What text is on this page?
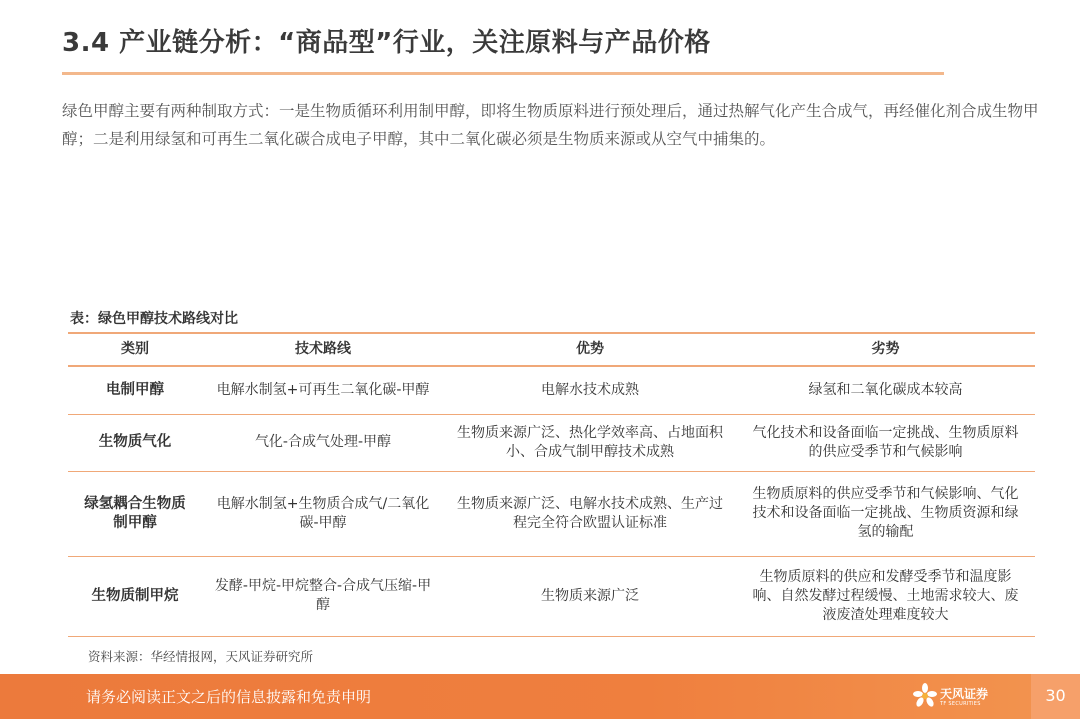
3.4 产业链分析：“商品型”行业，关注原料与产品价格

绿色甲醇主要有两种制取方式：一是生物质循环利用制甲醇，即将生物质原料进行预处理后，通过热解气化产生合成气，再经催化剂合成生物甲醇；二是利用绿氢和可再生二氧化碳合成电子甲醇，其中二氧化碳必须是生物质来源或从空气中捕集的。

表：绿色甲醇技术路线对比
类别	技术路线	优势	劣势
电制甲醇	电解水制氢+可再生二氧化碳-甲醇	电解水技术成熟	绿氢和二氧化碳成本较高
生物质气化	气化-合成气处理-甲醇	生物质来源广泛、热化学效率高、占地面积小、合成气制甲醇技术成熟	气化技术和设备面临一定挑战、生物质原料的供应受季节和气候影响
绿氢耦合生物质制甲醇	电解水制氢+生物质合成气/二氧化碳-甲醇	生物质来源广泛、电解水技术成熟、生产过程完全符合欧盟认证标准	生物质原料的供应受季节和气候影响、气化技术和设备面临一定挑战、生物质资源和绿氢的输配
生物质制甲烷	发酵-甲烷-甲烷整合-合成气压缩-甲醇	生物质来源广泛	生物质原料的供应和发酵受季节和温度影响、自然发酵过程缓慢、土地需求较大、废液废渣处理难度较大
资料来源：华经情报网，天风证券研究所
请务必阅读正文之后的信息披露和免责申明	天风证券
TF SECURITIES	30
